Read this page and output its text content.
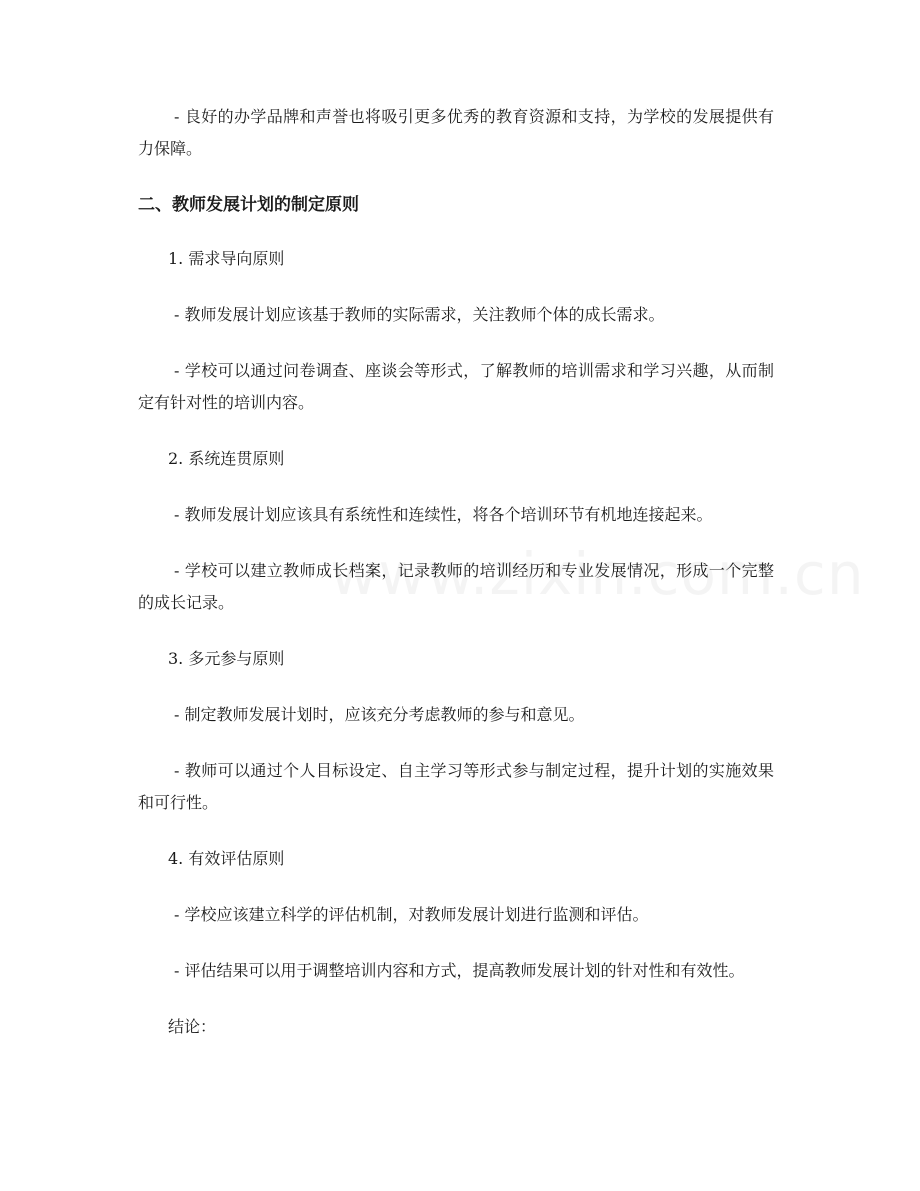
- 良好的办学品牌和声誉也将吸引更多优秀的教育资源和支持，为学校的发展提供有力保障。

二、教师发展计划的制定原则

1. 需求导向原则

- 教师发展计划应该基于教师的实际需求，关注教师个体的成长需求。

- 学校可以通过问卷调查、座谈会等形式，了解教师的培训需求和学习兴趣，从而制定有针对性的培训内容。

2. 系统连贯原则

- 教师发展计划应该具有系统性和连续性，将各个培训环节有机地连接起来。

- 学校可以建立教师成长档案，记录教师的培训经历和专业发展情况，形成一个完整的成长记录。

3. 多元参与原则

- 制定教师发展计划时，应该充分考虑教师的参与和意见。

- 教师可以通过个人目标设定、自主学习等形式参与制定过程，提升计划的实施效果和可行性。

4. 有效评估原则

- 学校应该建立科学的评估机制，对教师发展计划进行监测和评估。

- 评估结果可以用于调整培训内容和方式，提高教师发展计划的针对性和有效性。

结论：
